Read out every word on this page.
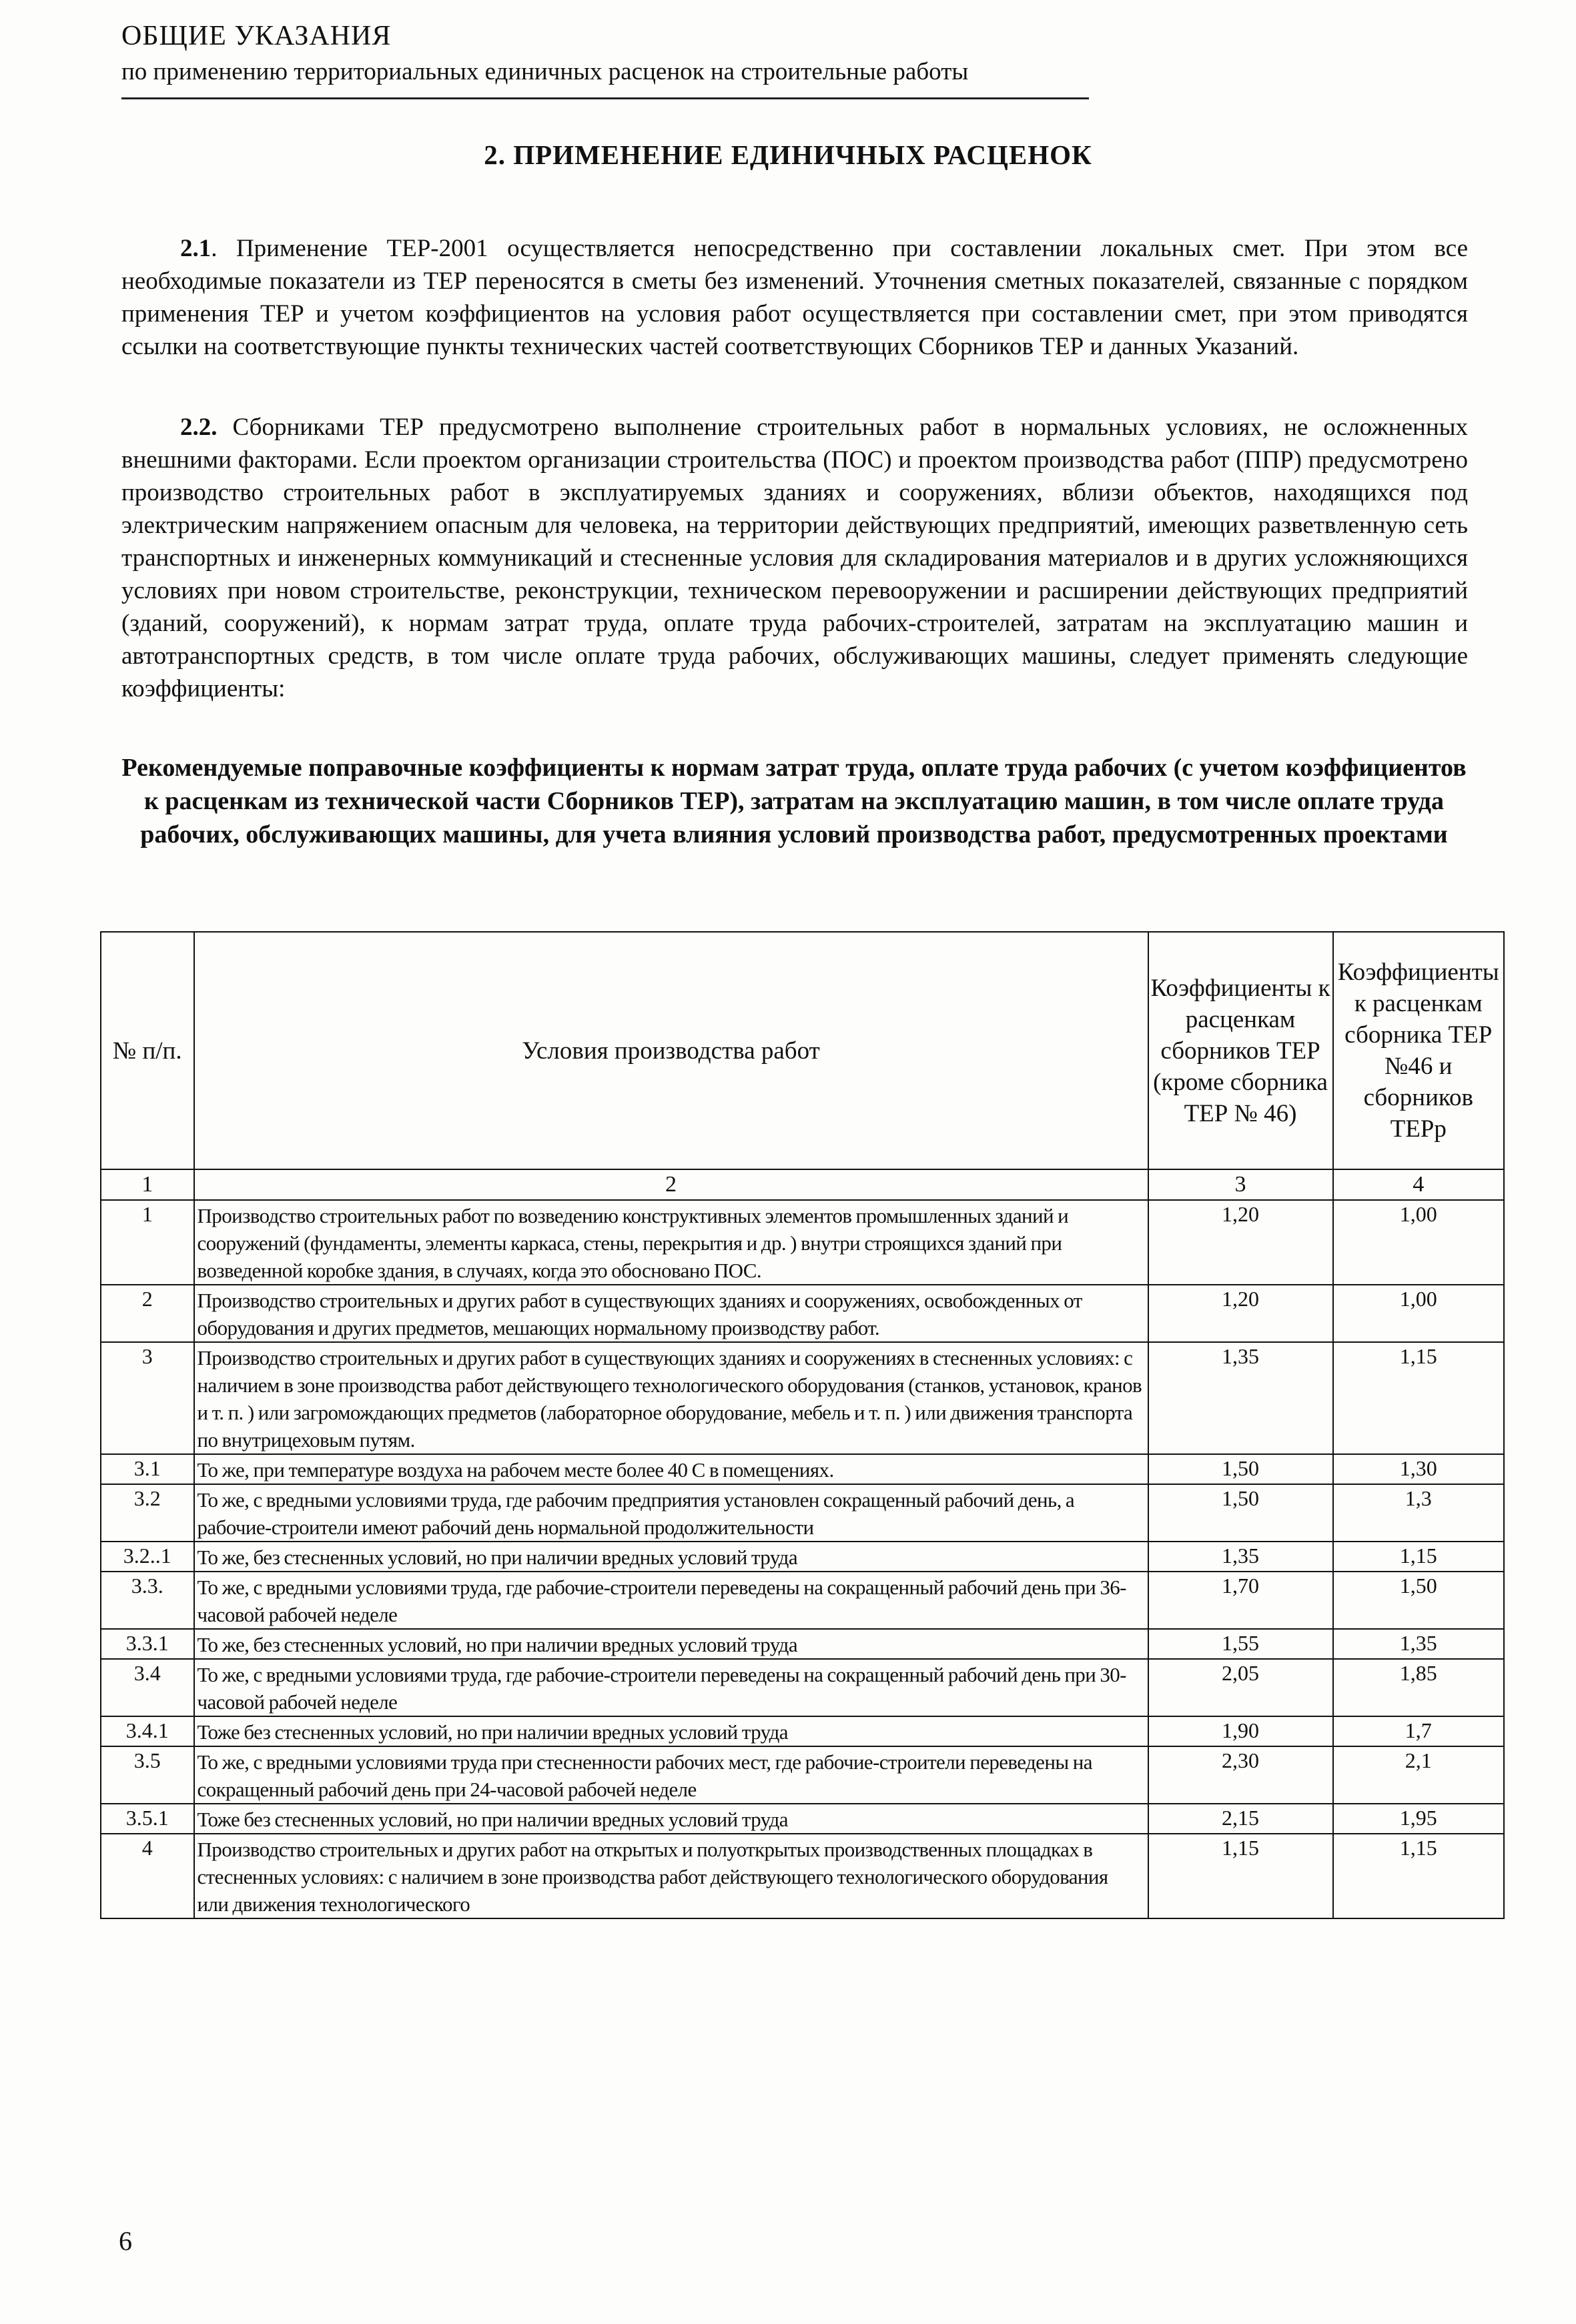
ОБЩИЕ УКАЗАНИЯ
по применению территориальных единичных расценок на строительные работы
2. ПРИМЕНЕНИЕ ЕДИНИЧНЫХ РАСЦЕНОК

2.1. Применение ТЕР-2001 осуществляется непосредственно при составлении локальных смет. При этом все необходимые показатели из ТЕР переносятся в сметы без изменений. Уточнения сметных показателей, связанные с порядком применения ТЕР и учетом коэффициентов на условия работ осуществляется при составлении смет, при этом приводятся ссылки на соответствующие пункты технических частей соответствующих Сборников ТЕР и данных Указаний.

2.2. Сборниками ТЕР предусмотрено выполнение строительных работ в нормальных условиях, не осложненных внешними факторами. Если проектом организации строительства (ПОС) и проектом производства работ (ППР) предусмотрено производство строительных работ в эксплуатируемых зданиях и сооружениях, вблизи объектов, находящихся под электрическим напряжением опасным для человека, на территории действующих предприятий, имеющих разветвленную сеть транспортных и инженерных коммуникаций и стесненные условия для складирования материалов и в других усложняющихся условиях при новом строительстве, реконструкции, техническом перевооружении и расширении действующих предприятий (зданий, сооружений), к нормам затрат труда, оплате труда рабочих-строителей, затратам на эксплуатацию машин и автотранспортных средств, в том числе оплате труда рабочих, обслуживающих машины, следует применять следующие коэффициенты:

Рекомендуемые поправочные коэффициенты к нормам затрат труда, оплате труда рабочих (с учетом коэффициентов к расценкам из технической части Сборников ТЕР), затратам на эксплуатацию машин, в том числе оплате труда рабочих, обслуживающих машины, для учета влияния условий производства работ, предусмотренных проектами
№ п/п.	Условия производства работ	Коэффициенты к расценкам сборников ТЕР (кроме сборника ТЕР № 46)	Коэффициенты к расценкам сборника ТЕР №46 и сборников ТЕРр
1	2	3	4
1	Производство строительных работ по возведению конструктивных элементов промышленных зданий и сооружений (фундаменты, элементы каркаса, стены, перекрытия и др. ) внутри строящихся зданий при возведенной коробке здания, в случаях, когда это обосновано ПОС.	1,20	1,00
2	Производство строительных и других работ в существующих зданиях и сооружениях, освобожденных от оборудования и других предметов, мешающих нормальному производству работ.	1,20	1,00
3	Производство строительных и других работ в существующих зданиях и сооружениях в стесненных условиях: с наличием в зоне производства работ действующего технологического оборудования (станков, установок, кранов и т. п. ) или загромождающих предметов (лабораторное оборудование, мебель и т. п. ) или движения транспорта по внутрицеховым путям.	1,35	1,15
3.1	То же, при температуре воздуха на рабочем месте более 40 С в помещениях.	1,50	1,30
3.2	То же, с вредными условиями труда, где рабочим предприятия установлен сокращенный рабочий день, а рабочие-строители имеют рабочий день нормальной продолжительности	1,50	1,3
3.2..1	То же, без стесненных условий, но при наличии вредных условий труда	1,35	1,15
3.3.	То же, с вредными условиями труда, где рабочие-строители переведены на сокращенный рабочий день при 36-часовой рабочей неделе	1,70	1,50
3.3.1	То же, без стесненных условий, но при наличии вредных условий труда	1,55	1,35
3.4	То же, с вредными условиями труда, где рабочие-строители переведены на сокращенный рабочий день при 30-часовой рабочей неделе	2,05	1,85
3.4.1	Тоже без стесненных условий, но при наличии вредных условий труда	1,90	1,7
3.5	То же, с вредными условиями труда при стесненности рабочих мест, где рабочие-строители переведены на сокращенный рабочий день при 24-часовой рабочей неделе	2,30	2,1
3.5.1	Тоже без стесненных условий, но при наличии вредных условий труда	2,15	1,95
4	Производство строительных и других работ на открытых и полуоткрытых производственных площадках в стесненных условиях: с наличием в зоне производства работ действующего технологического оборудования или движения технологического	1,15	1,15
6
